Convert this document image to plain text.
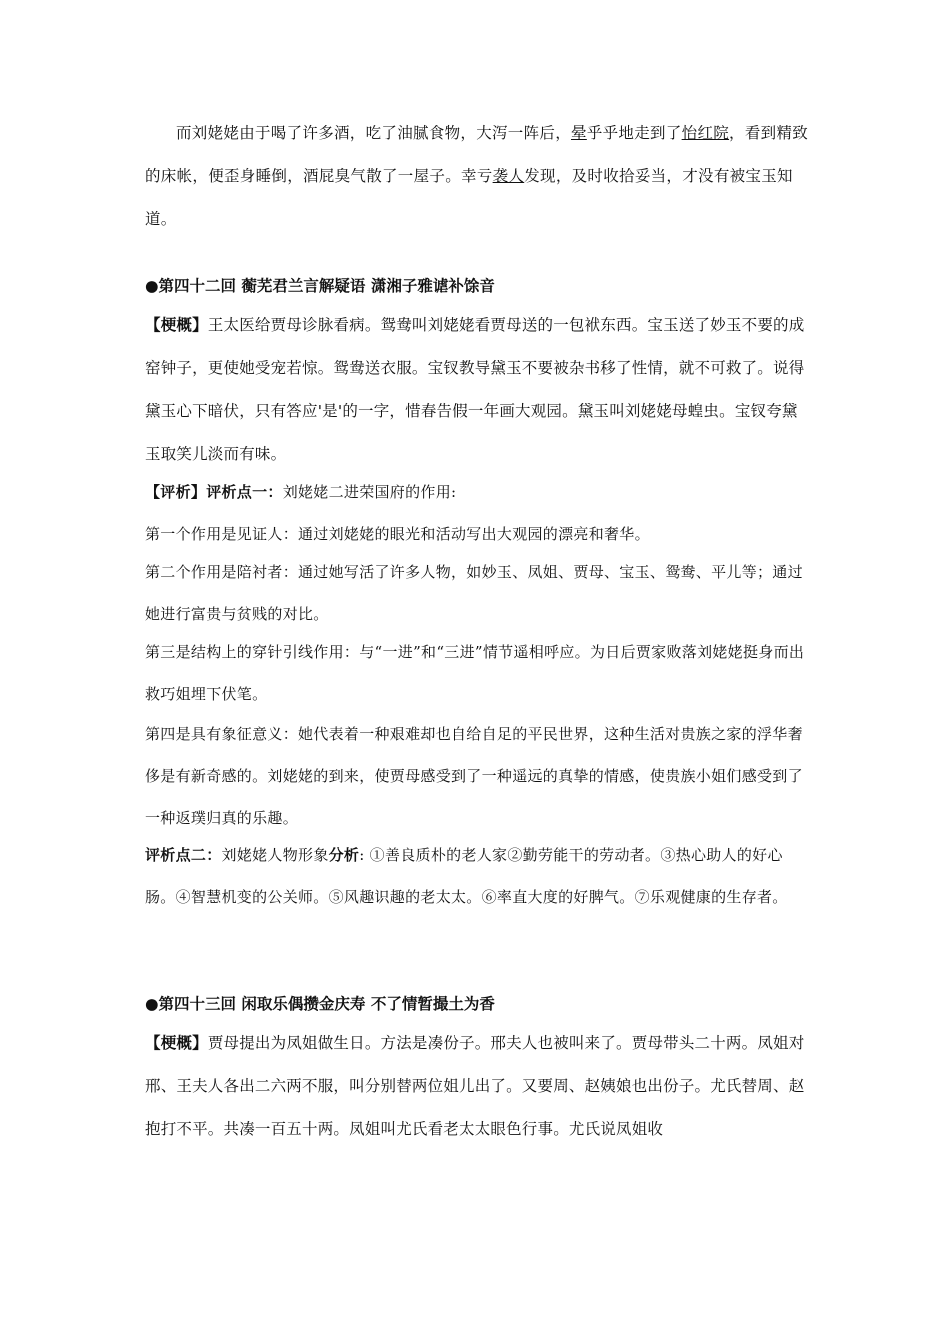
而刘姥姥由于喝了许多酒，吃了油腻食物，大泻一阵后，晕乎乎地走到了怡红院，看到精致的床帐，便歪身睡倒，酒屁臭气散了一屋子。幸亏袭人发现，及时收拾妥当，才没有被宝玉知道。

●第四十二回 蘅芜君兰言解疑语 潇湘子雅谑补馀音

【梗概】王太医给贾母诊脉看病。鸳鸯叫刘姥姥看贾母送的一包袱东西。宝玉送了妙玉不要的成窑钟子，更使她受宠若惊。鸳鸯送衣服。宝钗教导黛玉不要被杂书移了性情，就不可救了。说得黛玉心下暗伏，只有答应'是'的一字，惜春告假一年画大观园。黛玉叫刘姥姥母蝗虫。宝钗夸黛玉取笑儿淡而有味。

【评析】评析点一：刘姥姥二进荣国府的作用:

第一个作用是见证人：通过刘姥姥的眼光和活动写出大观园的漂亮和奢华。

第二个作用是陪衬者：通过她写活了许多人物，如妙玉、凤姐、贾母、宝玉、鸳鸯、平儿等；通过她进行富贵与贫贱的对比。

第三是结构上的穿针引线作用：与“一进”和“三进”情节遥相呼应。为日后贾家败落刘姥姥挺身而出救巧姐埋下伏笔。

第四是具有象征意义：她代表着一种艰难却也自给自足的平民世界，这种生活对贵族之家的浮华奢侈是有新奇感的。刘姥姥的到来，使贾母感受到了一种遥远的真挚的情感，使贵族小姐们感受到了一种返璞归真的乐趣。

评析点二：刘姥姥人物形象分析: ①善良质朴的老人家②勤劳能干的劳动者。③热心助人的好心肠。④智慧机变的公关师。⑤风趣识趣的老太太。⑥率直大度的好脾气。⑦乐观健康的生存者。

●第四十三回 闲取乐偶攒金庆寿 不了情暂撮土为香

【梗概】贾母提出为凤姐做生日。方法是凑份子。邢夫人也被叫来了。贾母带头二十两。凤姐对邢、王夫人各出二六两不服，叫分别替两位姐儿出了。又要周、赵姨娘也出份子。尤氏替周、赵抱打不平。共凑一百五十两。凤姐叫尤氏看老太太眼色行事。尤氏说凤姐收
